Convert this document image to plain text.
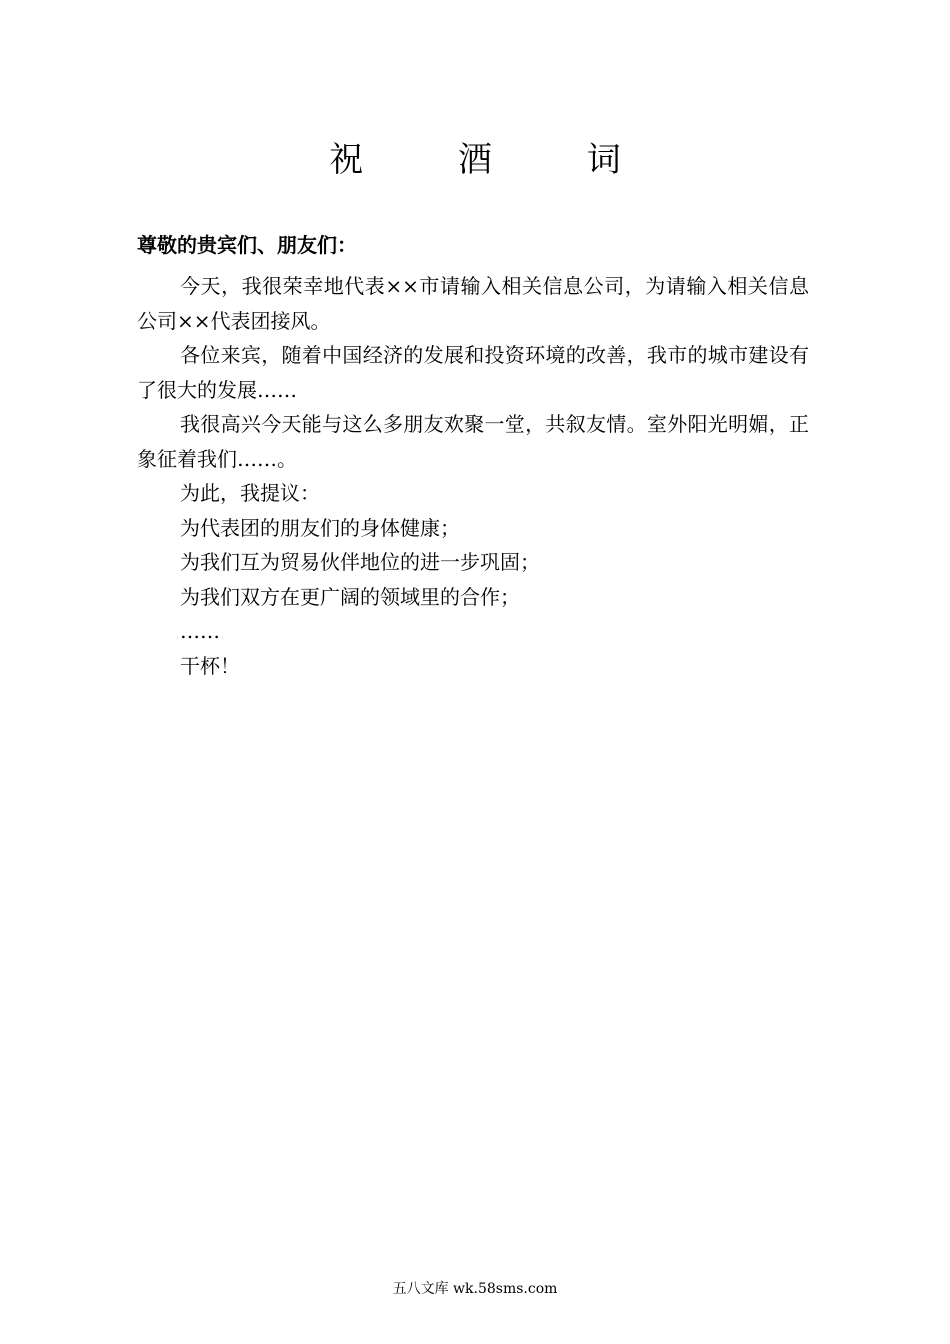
祝 酒 词
尊敬的贵宾们、朋友们：

今天，我很荣幸地代表××市请输入相关信息公司，为请输入相关信息公司××代表团接风。

各位来宾，随着中国经济的发展和投资环境的改善，我市的城市建设有了很大的发展……

我很高兴今天能与这么多朋友欢聚一堂，共叙友情。室外阳光明媚，正象征着我们……。

为此，我提议：

为代表团的朋友们的身体健康；

为我们互为贸易伙伴地位的进一步巩固；

为我们双方在更广阔的领域里的合作；

……

干杯！

五八文库 wk.58sms.com
